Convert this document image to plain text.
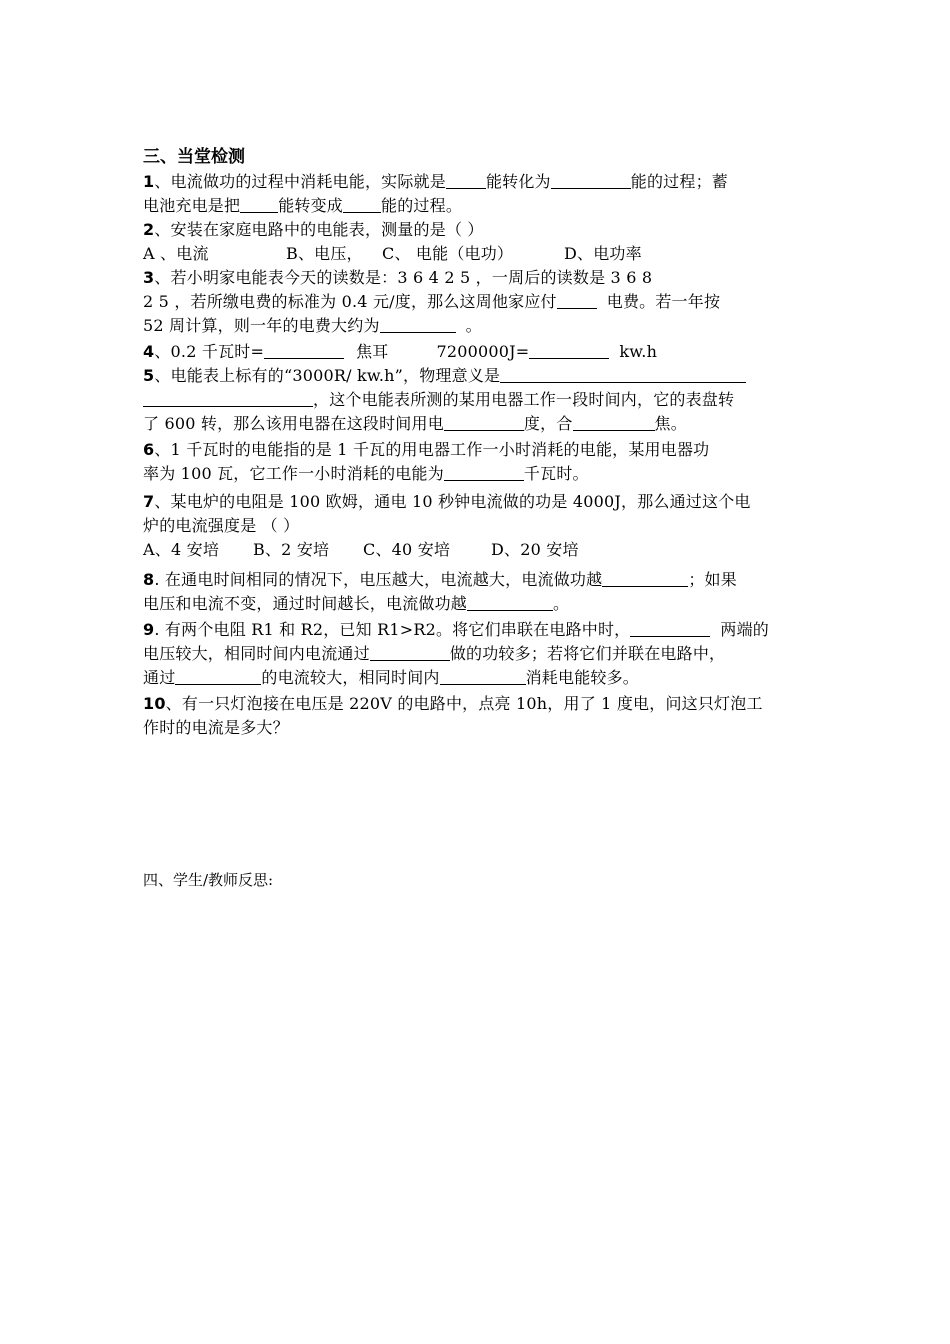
三、当堂检测
1、电流做功的过程中消耗电能，实际就是	能转化为	能的过程；蓄
电池充电是把 能转变成 能的过程。
2、安装在家庭电路中的电能表，测量的是（ ）
A 、电流	B、电压， C、 电能（电功）	D、电功率
3、若小明家电能表今天的读数是：3 6 4 2 5 ，一周后的读数是 3 6 8
2 5 ，若所缴电费的标准为 0.4 元/度，那么这周他家应付	电费。若一年按
52 周计算，则一年的电费大约为	。
4、0.2 千瓦时=	焦耳	7200000J=	kw.h
5、电能表上标有的“3000R/ kw.h”，物理意义是
，这个电能表所测的某用电器工作一段时间内，它的表盘转
了 600 转，那么该用电器在这段时间用电	度，合	焦。
6、1 千瓦时的电能指的是 1 千瓦的用电器工作一小时消耗的电能，某用电器功
率为 100 瓦，它工作一小时消耗的电能为	千瓦时。
7、某电炉的电阻是 100 欧姆，通电 10 秒钟电流做的功是 4000J，那么通过这个电
炉的电流强度是 （ ）
A、4 安培 B、2 安培 C、40 安培	D、20 安培
8. 在通电时间相同的情况下，电压越大，电流越大，电流做功越	；如果
电压和电流不变，通过时间越长，电流做功越	。
9. 有两个电阻 R1 和 R2，已知 R1>R2。将它们串联在电路中时，	两端的
电压较大，相同时间内电流通过	做的功较多；若将它们并联在电路中，
通过	的电流较大，相同时间内	消耗电能较多。
10、有一只灯泡接在电压是 220V 的电路中，点亮 10h，用了 1 度电，问这只灯泡工
作时的电流是多大？
四、学生/教师反思:
